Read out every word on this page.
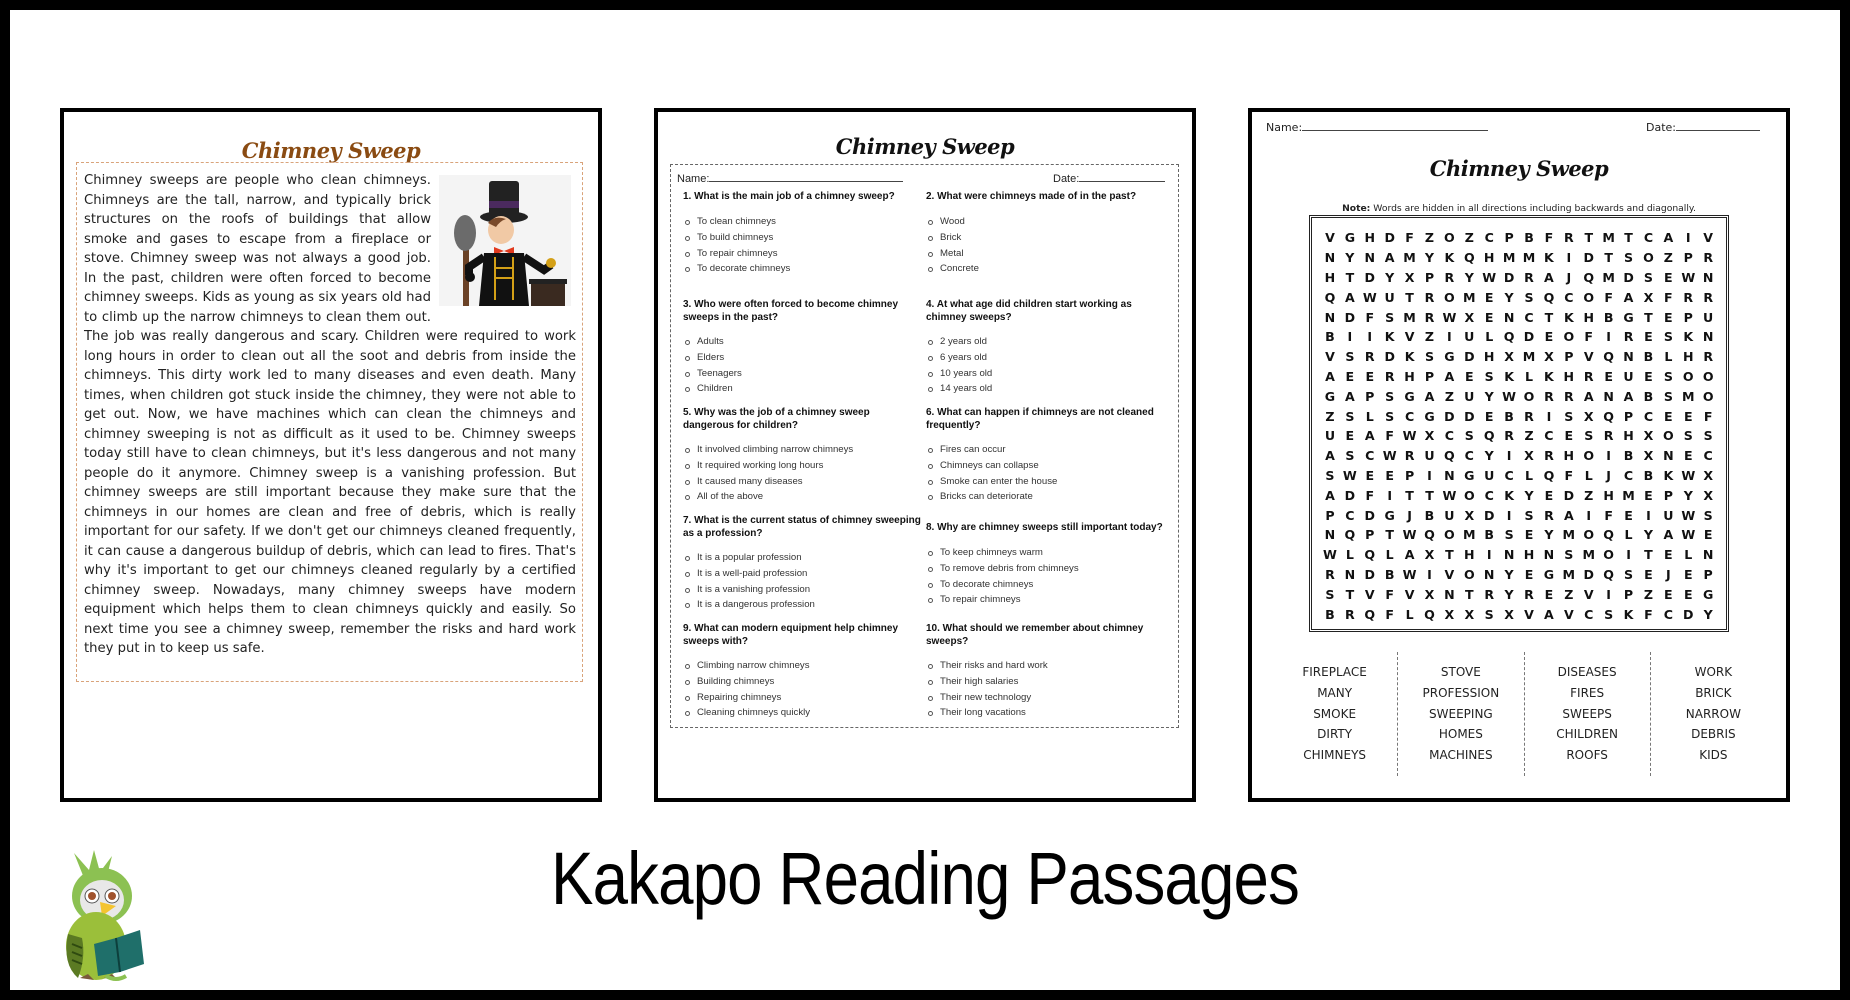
Chimney Sweep

Chimney sweeps are people who clean chimneys. Chimneys are the tall, narrow, and typically brick structures on the roofs of buildings that allow smoke and gases to escape from a fireplace or stove. Chimney sweep was not always a good job. In the past, children were often forced to become chimney sweeps. Kids as young as six years old had to climb up the narrow chimneys to clean them out. The job was really dangerous and scary. Children were required to work long hours in order to clean out all the soot and debris from inside the chimneys. This dirty work led to many diseases and even death. Many times, when children got stuck inside the chimney, they were not able to get out. Now, we have machines which can clean the chimneys and chimney sweeping is not as difficult as it used to be. Chimney sweeps today still have to clean chimneys, but it's less dangerous and not many people do it anymore. Chimney sweep is a vanishing profession. But chimney sweeps are still important because they make sure that the chimneys in our homes are clean and free of debris, which is really important for our safety. If we don't get our chimneys cleaned frequently, it can cause a dangerous buildup of debris, which can lead to fires. That's why it's important to get our chimneys cleaned regularly by a certified chimney sweep. Nowadays, many chimney sweeps have modern equipment which helps them to clean chimneys quickly and easily. So next time you see a chimney sweep, remember the risks and hard work they put in to keep us safe.

Chimney Sweep
Name:	Date:
1. What is the main job of a chimney sweep?
To clean chimneys
To build chimneys
To repair chimneys
To decorate chimneys
2. What were chimneys made of in the past?
Wood
Brick
Metal
Concrete
3. Who were often forced to become chimney sweeps in the past?
Adults
Elders
Teenagers
Children
4. At what age did children start working as chimney sweeps?
2 years old
6 years old
10 years old
14 years old
5. Why was the job of a chimney sweep dangerous for children?
It involved climbing narrow chimneys
It required working long hours
It caused many diseases
All of the above
6. What can happen if chimneys are not cleaned frequently?
Fires can occur
Chimneys can collapse
Smoke can enter the house
Bricks can deteriorate
7. What is the current status of chimney sweeping as a profession?
It is a popular profession
It is a well-paid profession
It is a vanishing profession
It is a dangerous profession
8. Why are chimney sweeps still important today?
To keep chimneys warm
To remove debris from chimneys
To decorate chimneys
To repair chimneys
9. What can modern equipment help chimney sweeps with?
Climbing narrow chimneys
Building chimneys
Repairing chimneys
Cleaning chimneys quickly
10. What should we remember about chimney sweeps?
Their risks and hard work
Their high salaries
Their new technology
Their long vacations
Name:	Date:
Chimney Sweep
Note: Words are hidden in all directions including backwards and diagonally.
V G H D F Z O Z C P B F R T M T C A	I	V
N Y N A M Y K Q H M M K	I D T S O Z P R
H T D Y X P R Y W D R A	J Q M D S E W N
Q A W U T R O M E Y S Q C O F A X F R R
N D F S M R W X E N C T K H B G T E P U
B	I	I	K V Z	I U L Q D E O F	I	R E S K N
V S R D K S G D H X M X P V Q N B L H R
A E E R H P A E S K L K H R E U E S O O
G A P S G A Z U Y W O R R A N A B S M O
Z S L S C G D D E B R	I	S X Q P C E E F
U E A F W X C S Q R Z C E S R H X O S S
A S C W R U Q C Y	I	X R H O I	B X N E C
S W E E P	I N G U C L Q F L	J	C B K W X
A D F	I	T T W O C K Y E D Z H M E P Y X
P C D G J	B U X D I	S R A	I	F E	I U W S
N Q P T W Q O M B S E Y M O Q L Y A W E
W L Q L A X T H I N H N S M O I	T E L N
R N D B W I	V O N Y E G M D Q S E	J	E P
S T V F V X N T R Y R E Z V	I	P Z E E G
B R Q F L Q X X S X V A V C S K F C D Y
FIREPLACE
MANY
SMOKE
DIRTY
CHIMNEYS
STOVE
PROFESSION
SWEEPING
HOMES
MACHINES
DISEASES
FIRES
SWEEPS
CHILDREN
ROOFS
WORK
BRICK
NARROW
DEBRIS
KIDS
Kakapo Reading Passages
